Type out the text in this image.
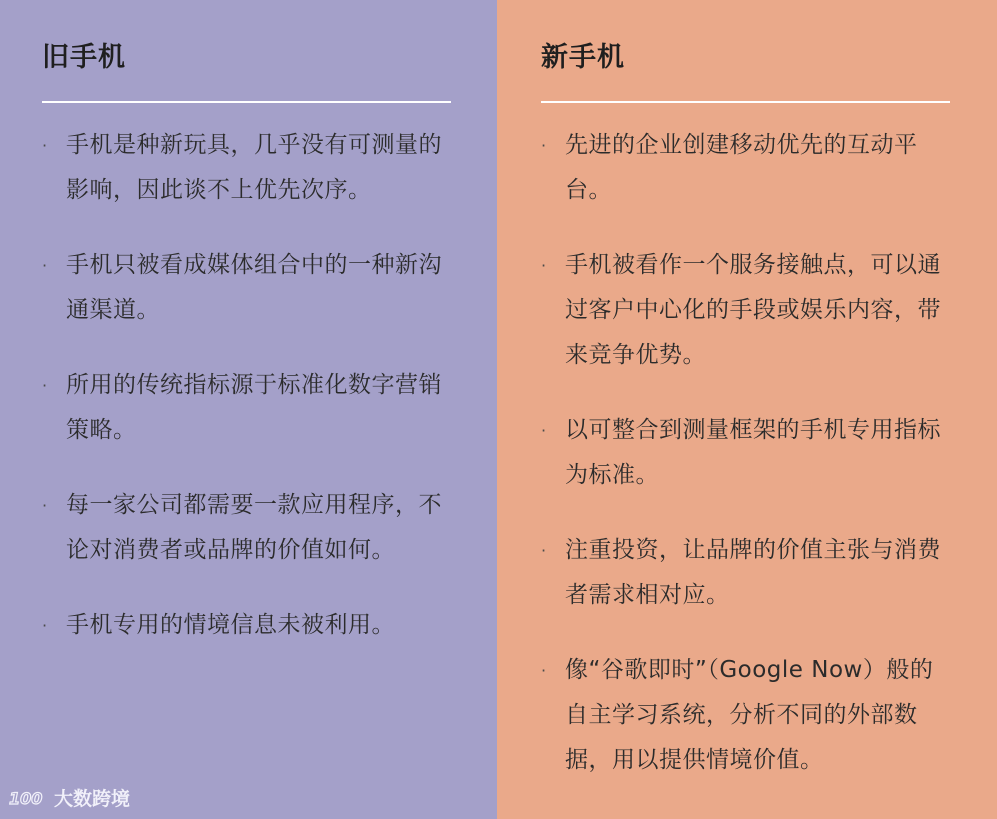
旧手机
· 手机是种新玩具，几乎没有可测量的影响，因此谈不上优先次序。
· 手机只被看成媒体组合中的一种新沟通渠道。
· 所用的传统指标源于标准化数字营销策略。
· 每一家公司都需要一款应用程序，不论对消费者或品牌的价值如何。
· 手机专用的情境信息未被利用。
100 大数跨境
新手机
· 先进的企业创建移动优先的互动平台。
· 手机被看作一个服务接触点，可以通过客户中心化的手段或娱乐内容，带来竞争优势。
· 以可整合到测量框架的手机专用指标为标准。
· 注重投资，让品牌的价值主张与消费者需求相对应。
· 像“谷歌即时”（Google Now）般的自主学习系统，分析不同的外部数据，用以提供情境价值。
